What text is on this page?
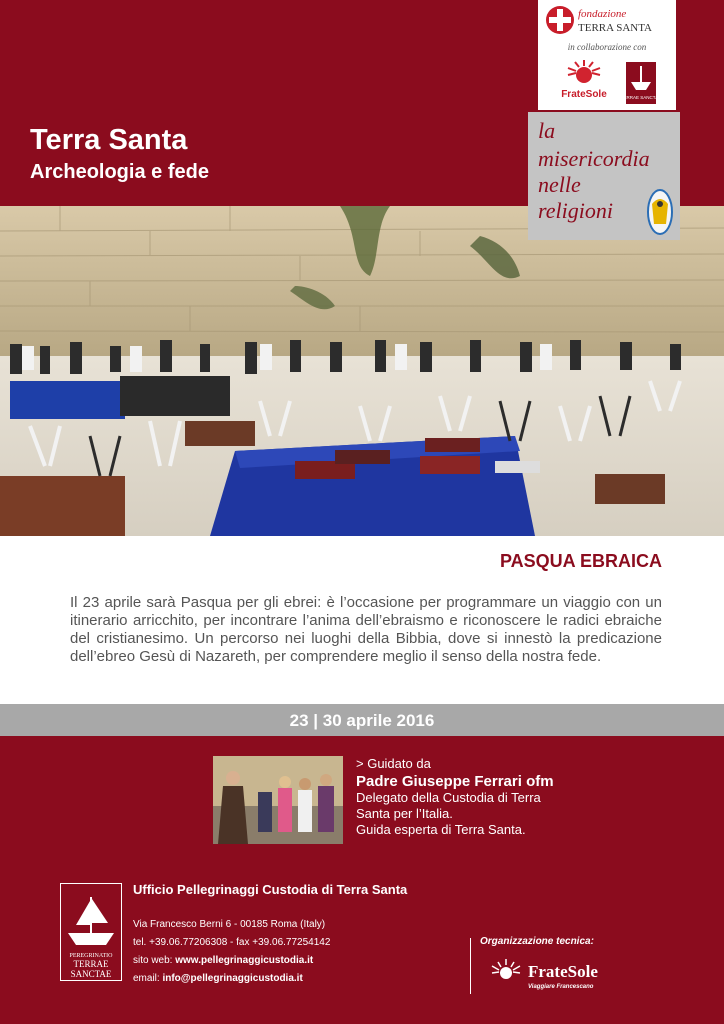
Terra Santa
Archeologia e fede
fondazione
TERRA SANTA
in collaborazione con
FrateSole	TERRAE SANCTAE
la
misericordia
nelle
religioni
PASQUA EBRAICA

Il 23 aprile sarà Pasqua per gli ebrei: è l’occasione per programmare un viaggio con un itinerario arricchito, per incontrare l’anima dell’ebraismo e riconoscere le radici ebraiche del cristianesimo. Un percorso nei luoghi della Bibbia, dove si innestò la predicazione dell’ebreo Gesù di Nazareth, per comprendere meglio il senso della nostra fede.

23 | 30 aprile 2016
> Guidato da
Padre Giuseppe Ferrari ofm
Delegato della Custodia di Terra
Santa per l’Italia.
Guida esperta di Terra Santa.
PEREGRINATIO
TERRAE
SANCTAE
Ufficio Pellegrinaggi Custodia di Terra Santa
Via Francesco Berni 6 - 00185 Roma (Italy)
tel. +39.06.77206308 - fax +39.06.77254142
sito web: www.pellegrinaggicustodia.it
email: info@pellegrinaggicustodia.it
Organizzazione tecnica:
FrateSole
Viaggiare Francescano
